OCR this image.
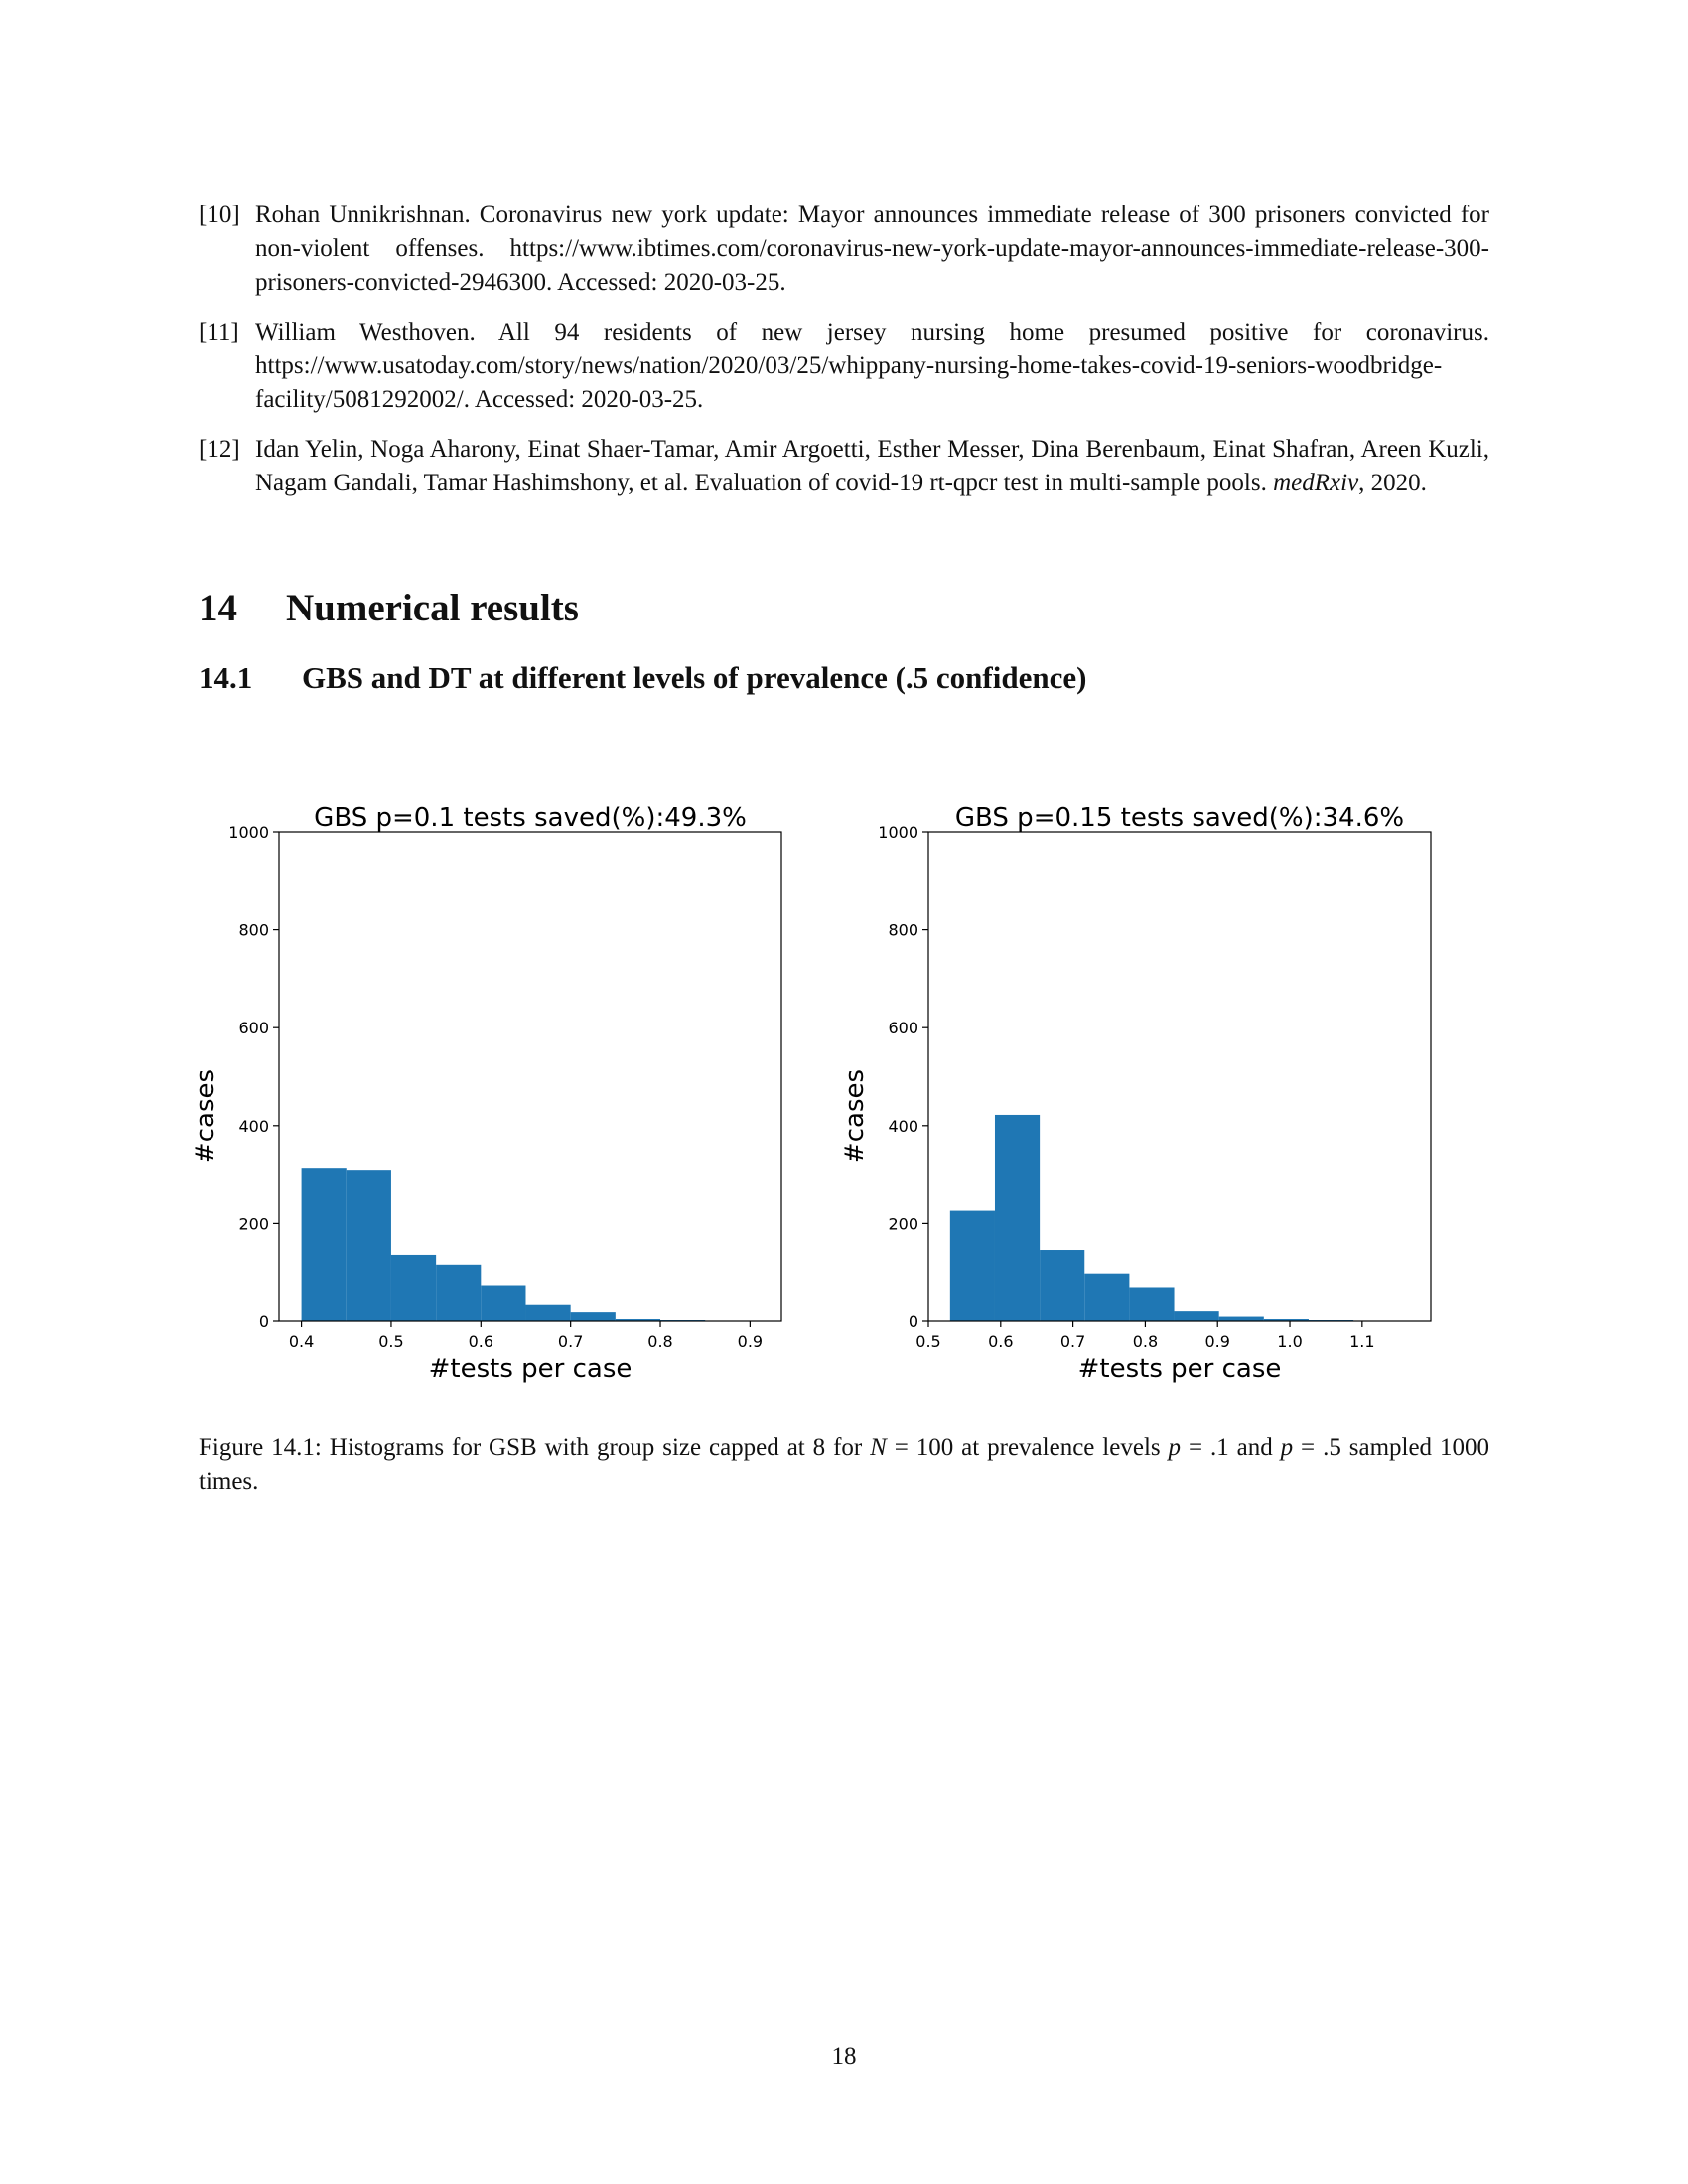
[10] Rohan Unnikrishnan. Coronavirus new york update: Mayor announces immediate release of 300 prisoners convicted for non-violent offenses. https://www.ibtimes.com/coronavirus-new-york-update-mayor-announces-immediate-release-300-prisoners-convicted-2946300. Accessed: 2020-03-25.
[11] William Westhoven. All 94 residents of new jersey nursing home presumed positive for coronavirus. https://www.usatoday.com/story/news/nation/2020/03/25/whippany-nursing-home-takes-covid-19-seniors-woodbridge-facility/5081292002/. Accessed: 2020-03-25.
[12] Idan Yelin, Noga Aharony, Einat Shaer-Tamar, Amir Argoetti, Esther Messer, Dina Berenbaum, Einat Shafran, Areen Kuzli, Nagam Gandali, Tamar Hashimshony, et al. Evaluation of covid-19 rt-qpcr test in multi-sample pools. medRxiv, 2020.
14 Numerical results
14.1 GBS and DT at different levels of prevalence (.5 confidence)
0.4	0.5	0.6	0.7	0.8	0.9
0
200
400
600
800
1000 GBS p=0.1 tests saved(%):49.3%
#tests per case
#cases
0.5	0.6	0.7	0.8	0.9	1.0	1.1
0
200
400
600
800
1000 GBS p=0.15 tests saved(%):34.6%
#tests per case
#cases
Figure 14.1: Histograms for GSB with group size capped at 8 for N = 100 at prevalence levels p = .1 and p = .5 sampled 1000 times.
18
